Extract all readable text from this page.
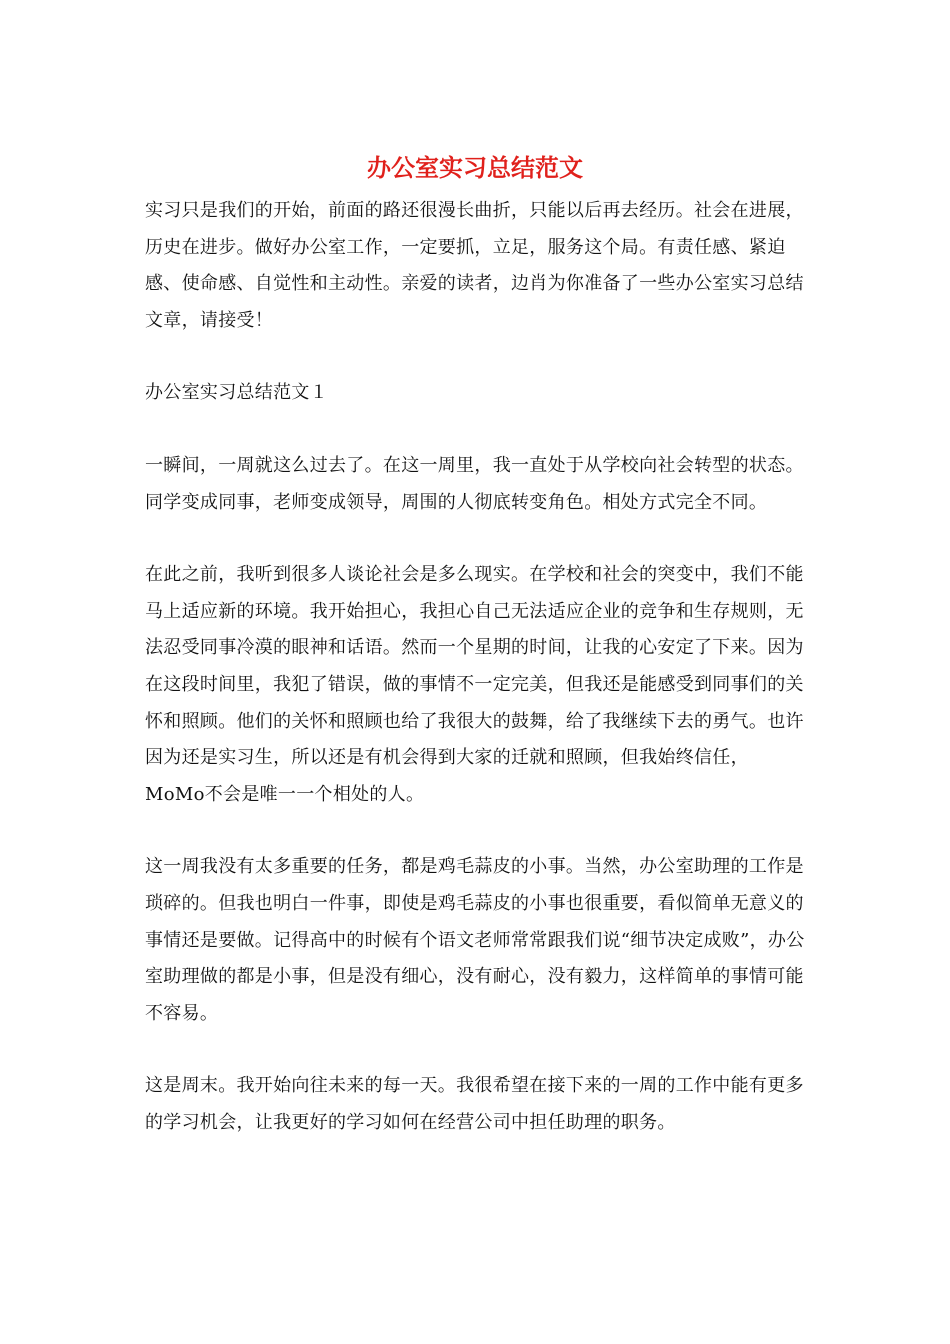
办公室实习总结范文

实习只是我们的开始，前面的路还很漫长曲折，只能以后再去经历。社会在进展，历史在进步。做好办公室工作，一定要抓，立足，服务这个局。有责任感、紧迫感、使命感、自觉性和主动性。亲爱的读者，边肖为你准备了一些办公室实习总结文章，请接受！

办公室实习总结范文１

一瞬间，一周就这么过去了。在这一周里，我一直处于从学校向社会转型的状态。同学变成同事，老师变成领导，周围的人彻底转变角色。相处方式完全不同。

在此之前，我听到很多人谈论社会是多么现实。在学校和社会的突变中，我们不能马上适应新的环境。我开始担心，我担心自己无法适应企业的竞争和生存规则，无法忍受同事冷漠的眼神和话语。然而一个星期的时间，让我的心安定了下来。因为在这段时间里，我犯了错误，做的事情不一定完美，但我还是能感受到同事们的关怀和照顾。他们的关怀和照顾也给了我很大的鼓舞，给了我继续下去的勇气。也许因为还是实习生，所以还是有机会得到大家的迁就和照顾，但我始终信任，MoMo不会是唯一一个相处的人。

这一周我没有太多重要的任务，都是鸡毛蒜皮的小事。当然，办公室助理的工作是琐碎的。但我也明白一件事，即使是鸡毛蒜皮的小事也很重要，看似简单无意义的事情还是要做。记得高中的时候有个语文老师常常跟我们说“细节决定成败”，办公室助理做的都是小事，但是没有细心，没有耐心，没有毅力，这样简单的事情可能不容易。

这是周末。我开始向往未来的每一天。我很希望在接下来的一周的工作中能有更多的学习机会，让我更好的学习如何在经营公司中担任助理的职务。
